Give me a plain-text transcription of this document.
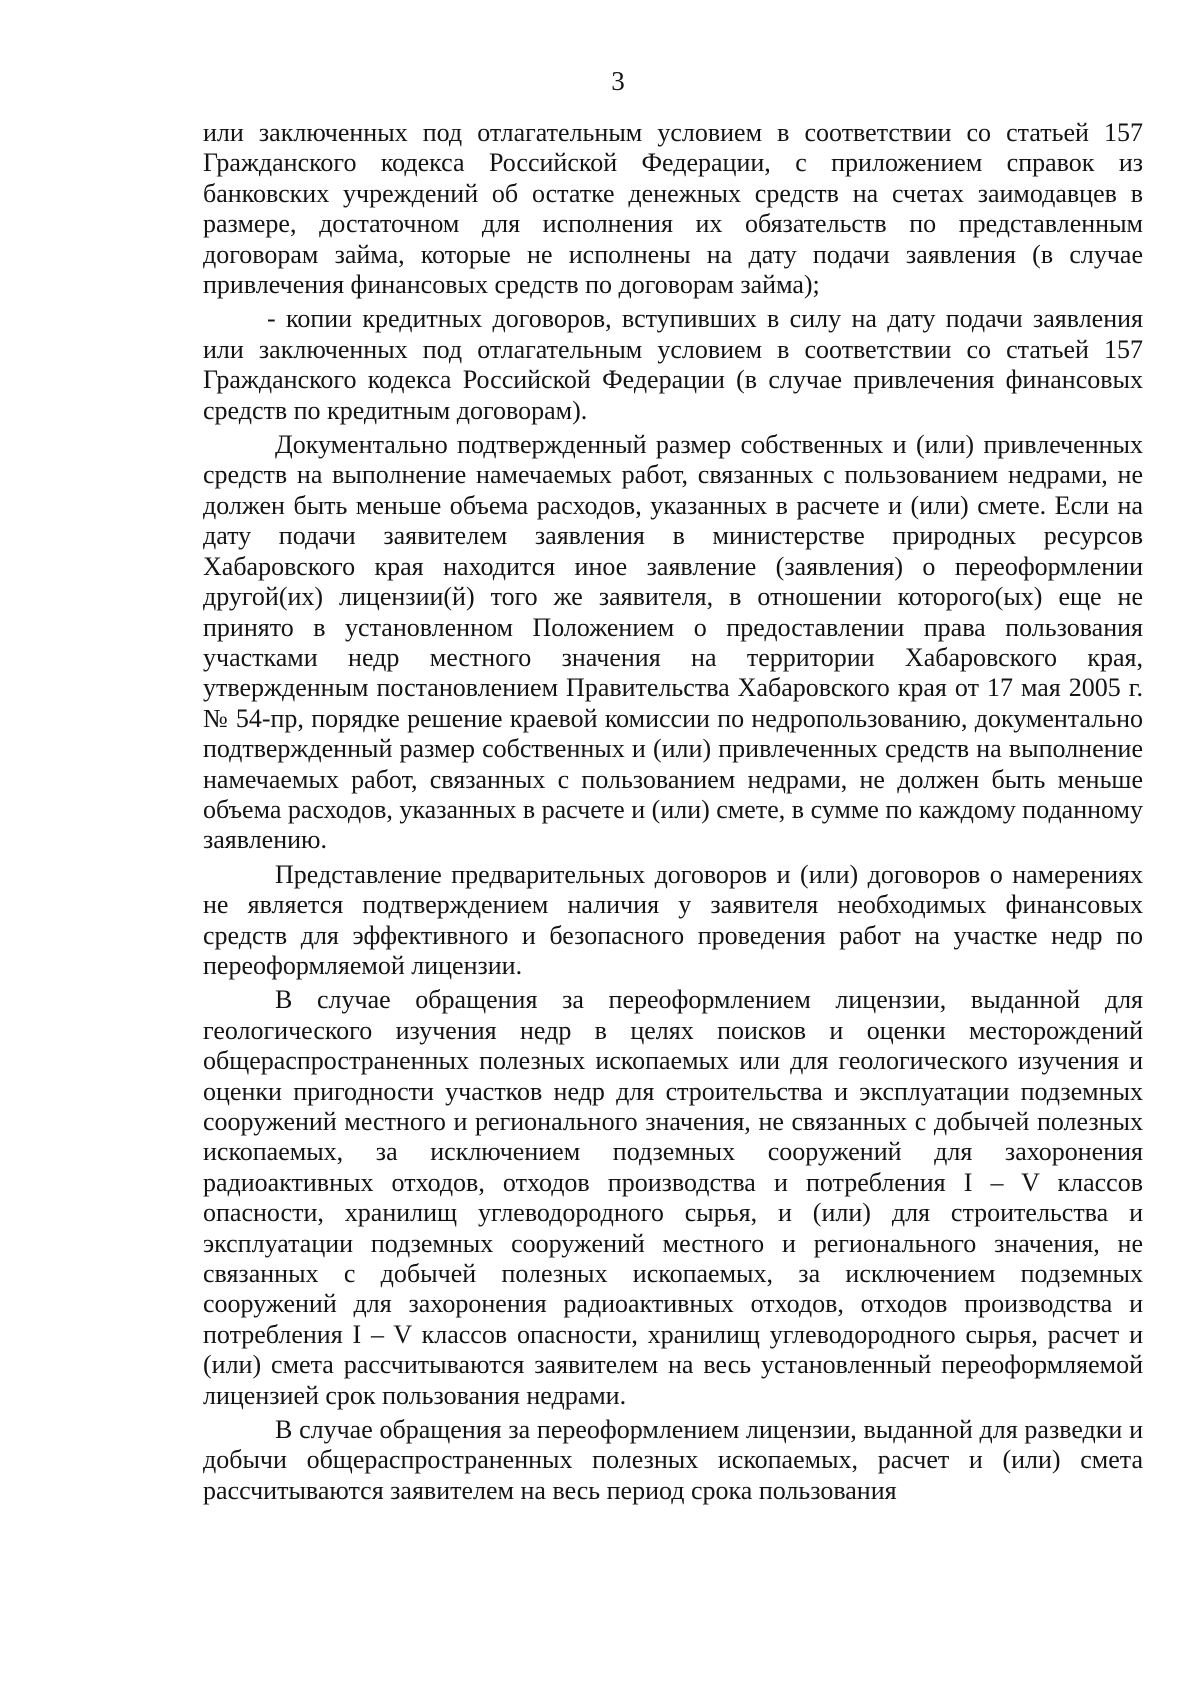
3

или заключенных под отлагательным условием в соответствии со статьей 157 Гражданского кодекса Российской Федерации, с приложением справок из банковских учреждений об остатке денежных средств на счетах заимодавцев в размере, достаточном для исполнения их обязательств по представленным договорам займа, которые не исполнены на дату подачи заявления (в случае привлечения финансовых средств по договорам займа);

- копии кредитных договоров, вступивших в силу на дату подачи заявления или заключенных под отлагательным условием в соответствии со статьей 157 Гражданского кодекса Российской Федерации (в случае привлечения финансовых средств по кредитным договорам).

Документально подтвержденный размер собственных и (или) привлеченных средств на выполнение намечаемых работ, связанных с пользованием недрами, не должен быть меньше объема расходов, указанных в расчете и (или) смете. Если на дату подачи заявителем заявления в министерстве природных ресурсов Хабаровского края находится иное заявление (заявления) о переоформлении другой(их) лицензии(й) того же заявителя, в отношении которого(ых) еще не принято в установленном Положением о предоставлении права пользования участками недр местного значения на территории Хабаровского края, утвержденным постановлением Правительства Хабаровского края от 17 мая 2005 г. № 54-пр, порядке решение краевой комиссии по недропользованию, документально подтвержденный размер собственных и (или) привлеченных средств на выполнение намечаемых работ, связанных с пользованием недрами, не должен быть меньше объема расходов, указанных в расчете и (или) смете, в сумме по каждому поданному заявлению.

Представление предварительных договоров и (или) договоров о намерениях не является подтверждением наличия у заявителя необходимых финансовых средств для эффективного и безопасного проведения работ на участке недр по переоформляемой лицензии.

В случае обращения за переоформлением лицензии, выданной для геологического изучения недр в целях поисков и оценки месторождений общераспространенных полезных ископаемых или для геологического изучения и оценки пригодности участков недр для строительства и эксплуатации подземных сооружений местного и регионального значения, не связанных с добычей полезных ископаемых, за исключением подземных сооружений для захоронения радиоактивных отходов, отходов производства и потребления I – V классов опасности, хранилищ углеводородного сырья, и (или) для строительства и эксплуатации подземных сооружений местного и регионального значения, не связанных с добычей полезных ископаемых, за исключением подземных сооружений для захоронения радиоактивных отходов, отходов производства и потребления I – V классов опасности, хранилищ углеводородного сырья, расчет и (или) смета рассчитываются заявителем на весь установленный переоформляемой лицензией срок пользования недрами.

В случае обращения за переоформлением лицензии, выданной для разведки и добычи общераспространенных полезных ископаемых, расчет и (или) смета рассчитываются заявителем на весь период срока пользования
